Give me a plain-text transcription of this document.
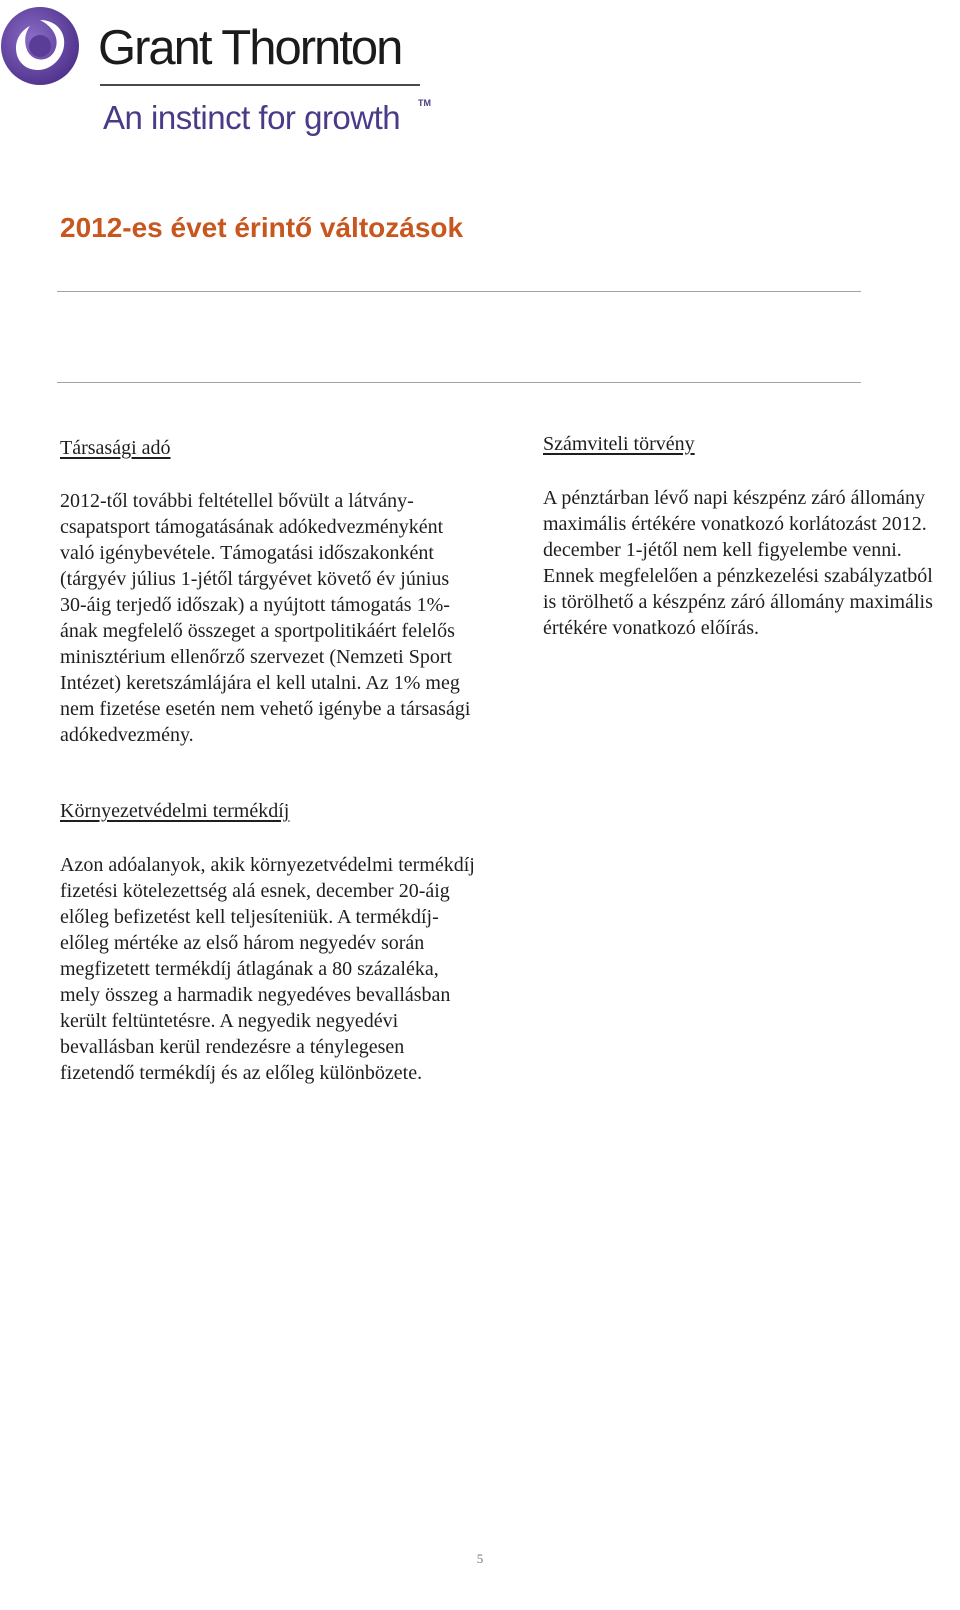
Grant Thornton
An instinct for growth TM
2012-es évet érintő változások
Társasági adó

2012-től további feltétellel bővült a látvány-csapatsport támogatásának adókedvezményként való igénybevétele. Támogatási időszakonként (tárgyév július 1-jétől tárgyévet követő év június 30-áig terjedő időszak) a nyújtott támogatás 1%-ának megfelelő összeget a sportpolitikáért felelős minisztérium ellenőrző szervezet (Nemzeti Sport Intézet) keretszámlájára el kell utalni. Az 1% meg nem fizetése esetén nem vehető igénybe a társasági adókedvezmény.

Számviteli törvény

A pénztárban lévő napi készpénz záró állomány maximális értékére vonatkozó korlátozást 2012. december 1-jétől nem kell figyelembe venni. Ennek megfelelően a pénzkezelési szabályzatból is törölhető a készpénz záró állomány maximális értékére vonatkozó előírás.

Környezetvédelmi termékdíj

Azon adóalanyok, akik környezetvédelmi termékdíj fizetési kötelezettség alá esnek, december 20-áig előleg befizetést kell teljesíteniük. A termékdíj-előleg mértéke az első három negyedév során megfizetett termékdíj átlagának a 80 százaléka, mely összeg a harmadik negyedéves bevallásban került feltüntetésre. A negyedik negyedévi bevallásban kerül rendezésre a ténylegesen fizetendő termékdíj és az előleg különbözete.

5
